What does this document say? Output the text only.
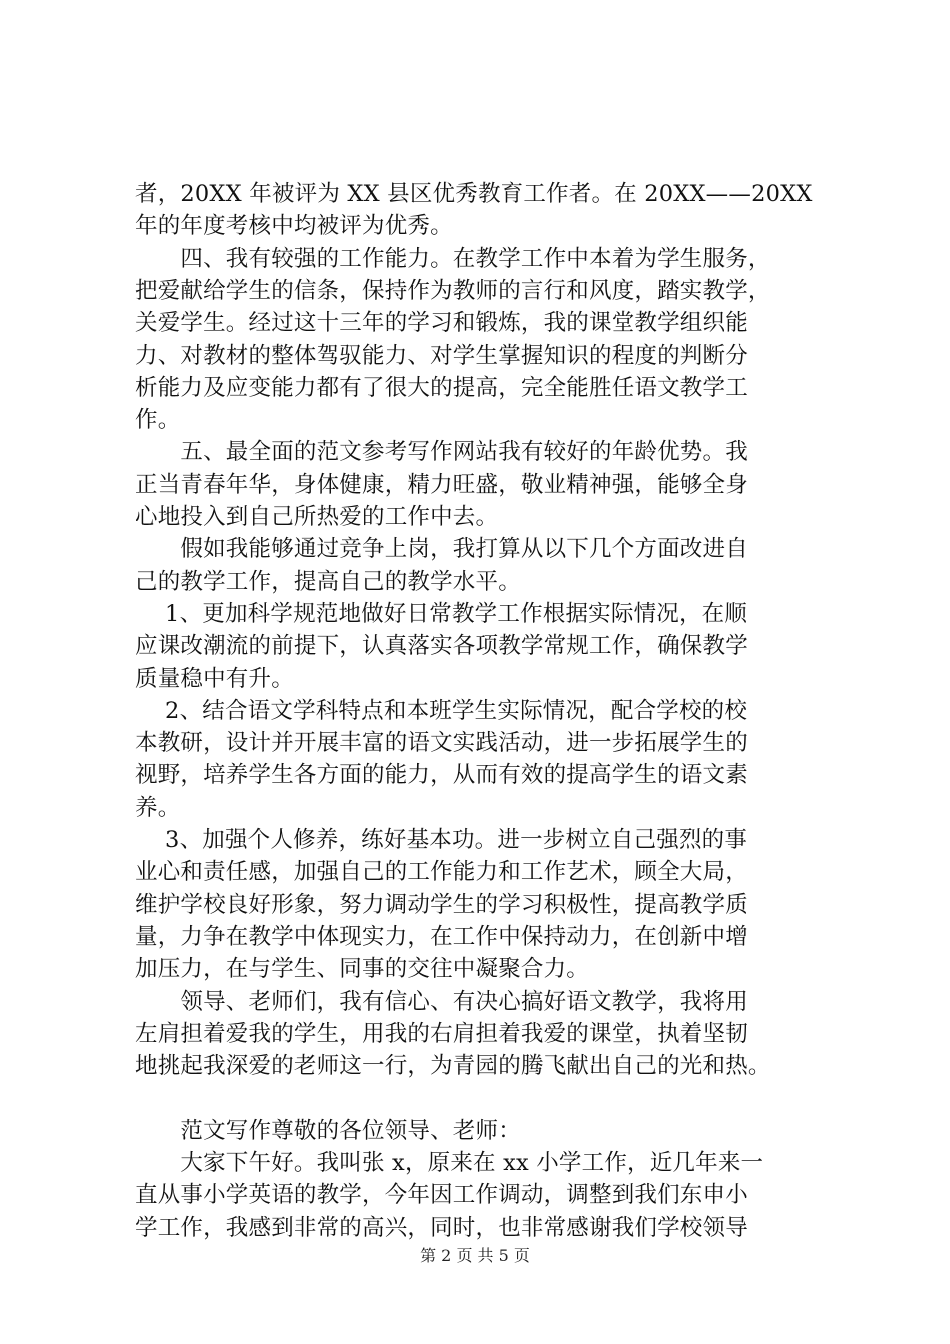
者，20XX 年被评为 XX 县区优秀教育工作者。在 20XX——20XX
年的年度考核中均被评为优秀。
　　四、我有较强的工作能力。在教学工作中本着为学生服务，
把爱献给学生的信条，保持作为教师的言行和风度，踏实教学，
关爱学生。经过这十三年的学习和锻炼，我的课堂教学组织能
力、对教材的整体驾驭能力、对学生掌握知识的程度的判断分
析能力及应变能力都有了很大的提高，完全能胜任语文教学工
作。
　　五、最全面的范文参考写作网站我有较好的年龄优势。我
正当青春年华，身体健康，精力旺盛，敬业精神强，能够全身
心地投入到自己所热爱的工作中去。
　　假如我能够通过竞争上岗，我打算从以下几个方面改进自
己的教学工作，提高自己的教学水平。
　 1、更加科学规范地做好日常教学工作根据实际情况，在顺
应课改潮流的前提下，认真落实各项教学常规工作，确保教学
质量稳中有升。
　 2、结合语文学科特点和本班学生实际情况，配合学校的校
本教研，设计并开展丰富的语文实践活动，进一步拓展学生的
视野，培养学生各方面的能力，从而有效的提高学生的语文素
养。
　 3、加强个人修养，练好基本功。进一步树立自己强烈的事
业心和责任感，加强自己的工作能力和工作艺术，顾全大局，
维护学校良好形象，努力调动学生的学习积极性，提高教学质
量，力争在教学中体现实力，在工作中保持动力，在创新中增
加压力，在与学生、同事的交往中凝聚合力。
　　领导、老师们，我有信心、有决心搞好语文教学，我将用
左肩担着爱我的学生，用我的右肩担着我爱的课堂，执着坚韧
地挑起我深爱的老师这一行，为青园的腾飞献出自己的光和热。
　　范文写作尊敬的各位领导、老师：
　　大家下午好。我叫张 x，原来在 xx 小学工作，近几年来一
直从事小学英语的教学，今年因工作调动，调整到我们东申小
学工作，我感到非常的高兴，同时，也非常感谢我们学校领导
第 2 页 共 5 页
